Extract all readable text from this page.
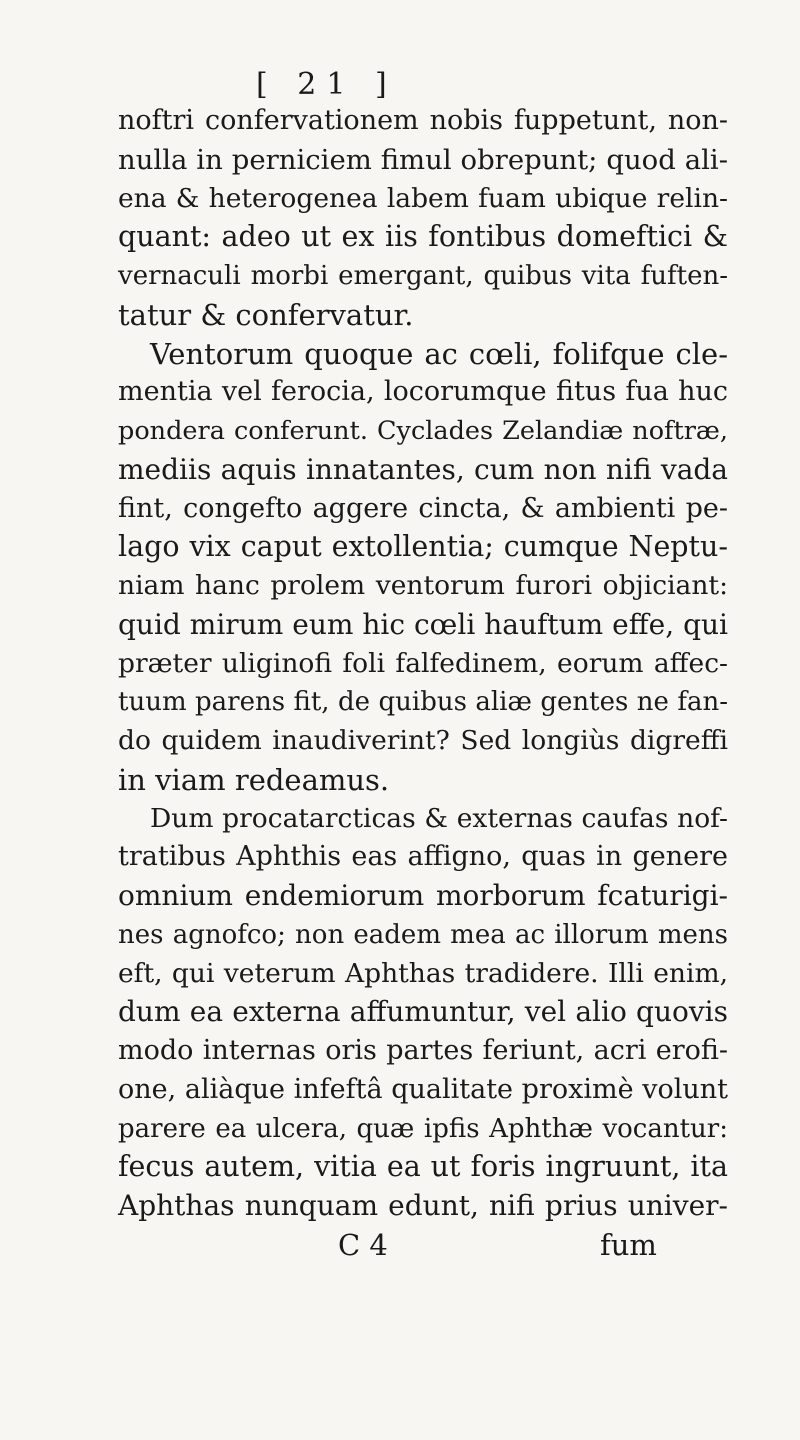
[ 21 ]
noftri confervationem nobis fuppetunt, non-
nulla in perniciem fimul obrepunt; quod ali-
ena & heterogenea labem fuam ubique relin-
quant: adeo ut ex iis fontibus domeftici &
vernaculi morbi emergant, quibus vita fuften-
tatur & confervatur.
Ventorum quoque ac cœli, folifque cle-
mentia vel ferocia, locorumque fitus fua huc
pondera conferunt. Cyclades Zelandiæ noftræ,
mediis aquis innatantes, cum non nifi vada
fint, congefto aggere cincta, & ambienti pe-
lago vix caput extollentia; cumque Neptu-
niam hanc prolem ventorum furori objiciant:
quid mirum eum hic cœli hauftum effe, qui
præter uliginofi foli falfedinem, eorum affec-
tuum parens fit, de quibus aliæ gentes ne fan-
do quidem inaudiverint? Sed longiùs digreffi
in viam redeamus.
Dum procatarcticas & externas caufas nof-
tratibus Aphthis eas affigno, quas in genere
omnium endemiorum morborum fcaturigi-
nes agnofco; non eadem mea ac illorum mens
eft, qui veterum Aphthas tradidere. Illi enim,
dum ea externa affumuntur, vel alio quovis
modo internas oris partes feriunt, acri erofi-
one, aliàque infeftâ qualitate proximè volunt
parere ea ulcera, quæ ipfis Aphthæ vocantur:
fecus autem, vitia ea ut foris ingruunt, ita
Aphthas nunquam edunt, nifi prius univer-
C 4	fum
